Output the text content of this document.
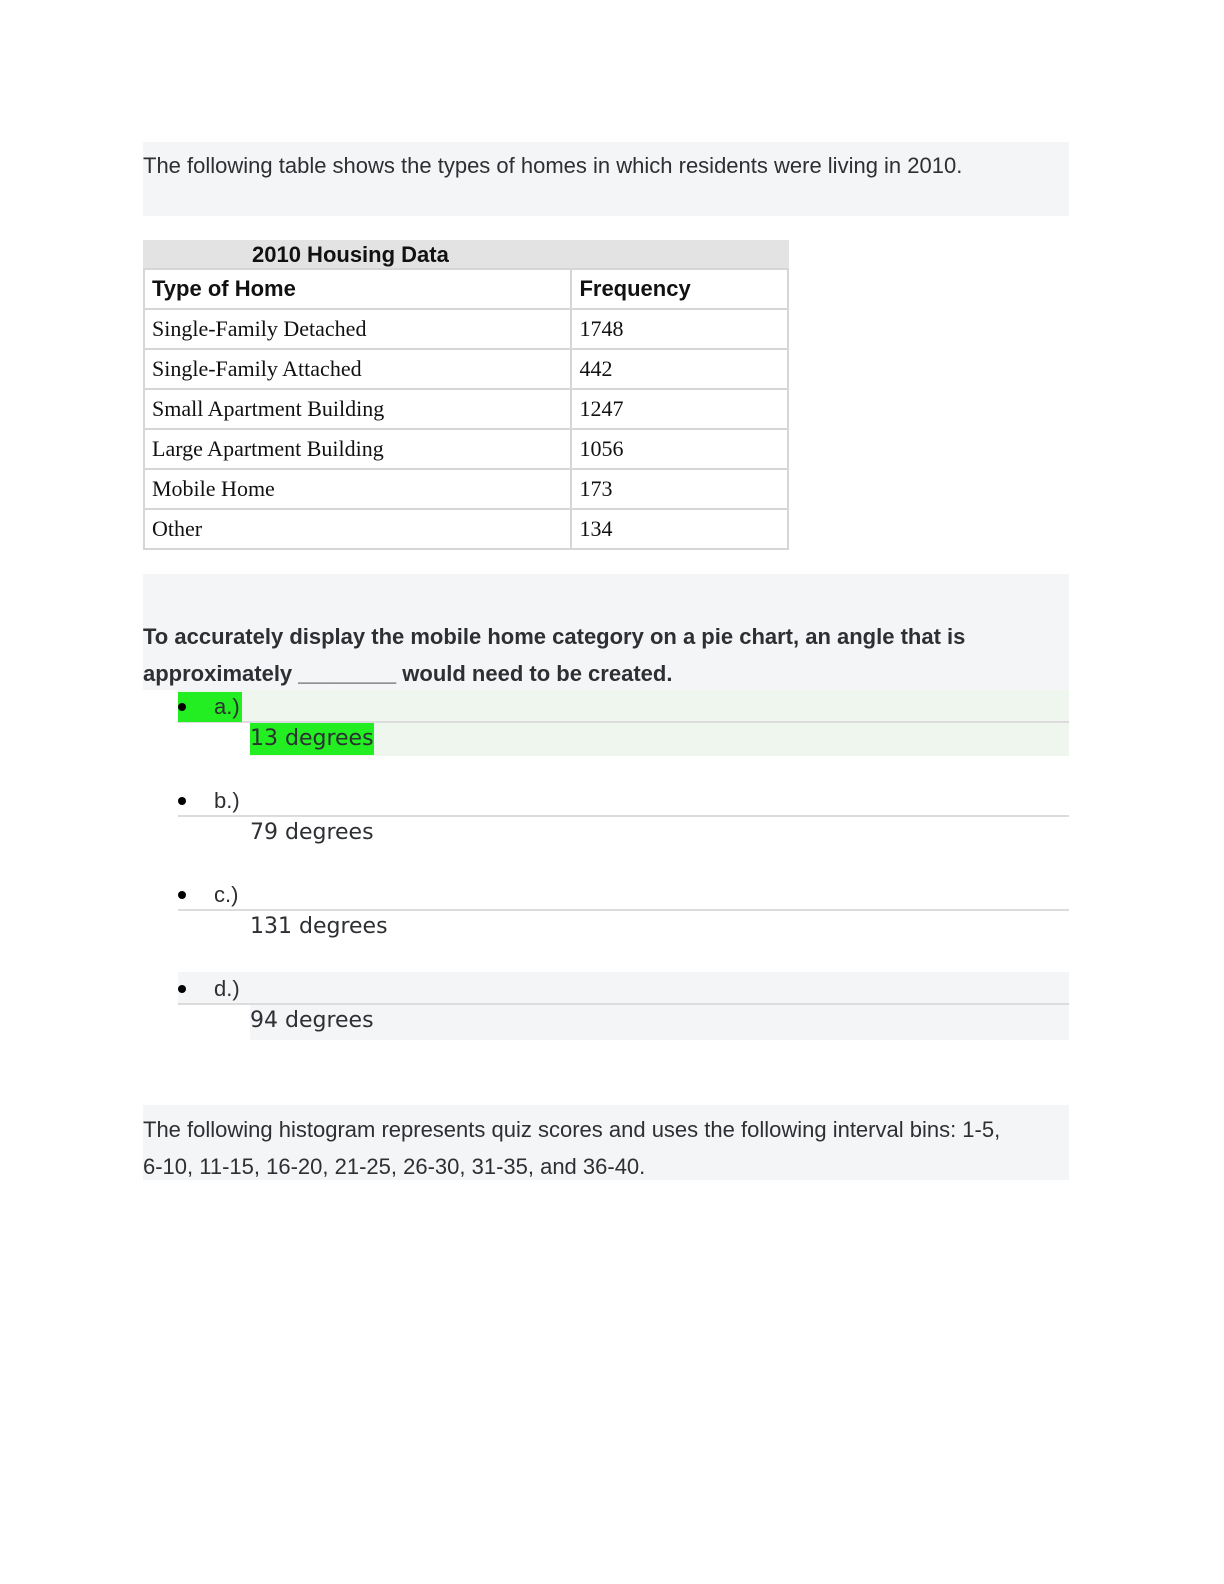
The following table shows the types of homes in which residents were living in 2010.
2010 Housing Data
Type of Home	Frequency
Single-Family Detached	1748
Single-Family Attached	442
Small Apartment Building	1247
Large Apartment Building	1056
Mobile Home	173
Other	134
To accurately display the mobile home category on a pie chart, an angle that is
approximately ________ would need to be created.
a.)
13 degrees
b.)
79 degrees
c.)
131 degrees
d.)
94 degrees
The following histogram represents quiz scores and uses the following interval bins: 1-5,
6-10, 11-15, 16-20, 21-25, 26-30, 31-35, and 36-40.
